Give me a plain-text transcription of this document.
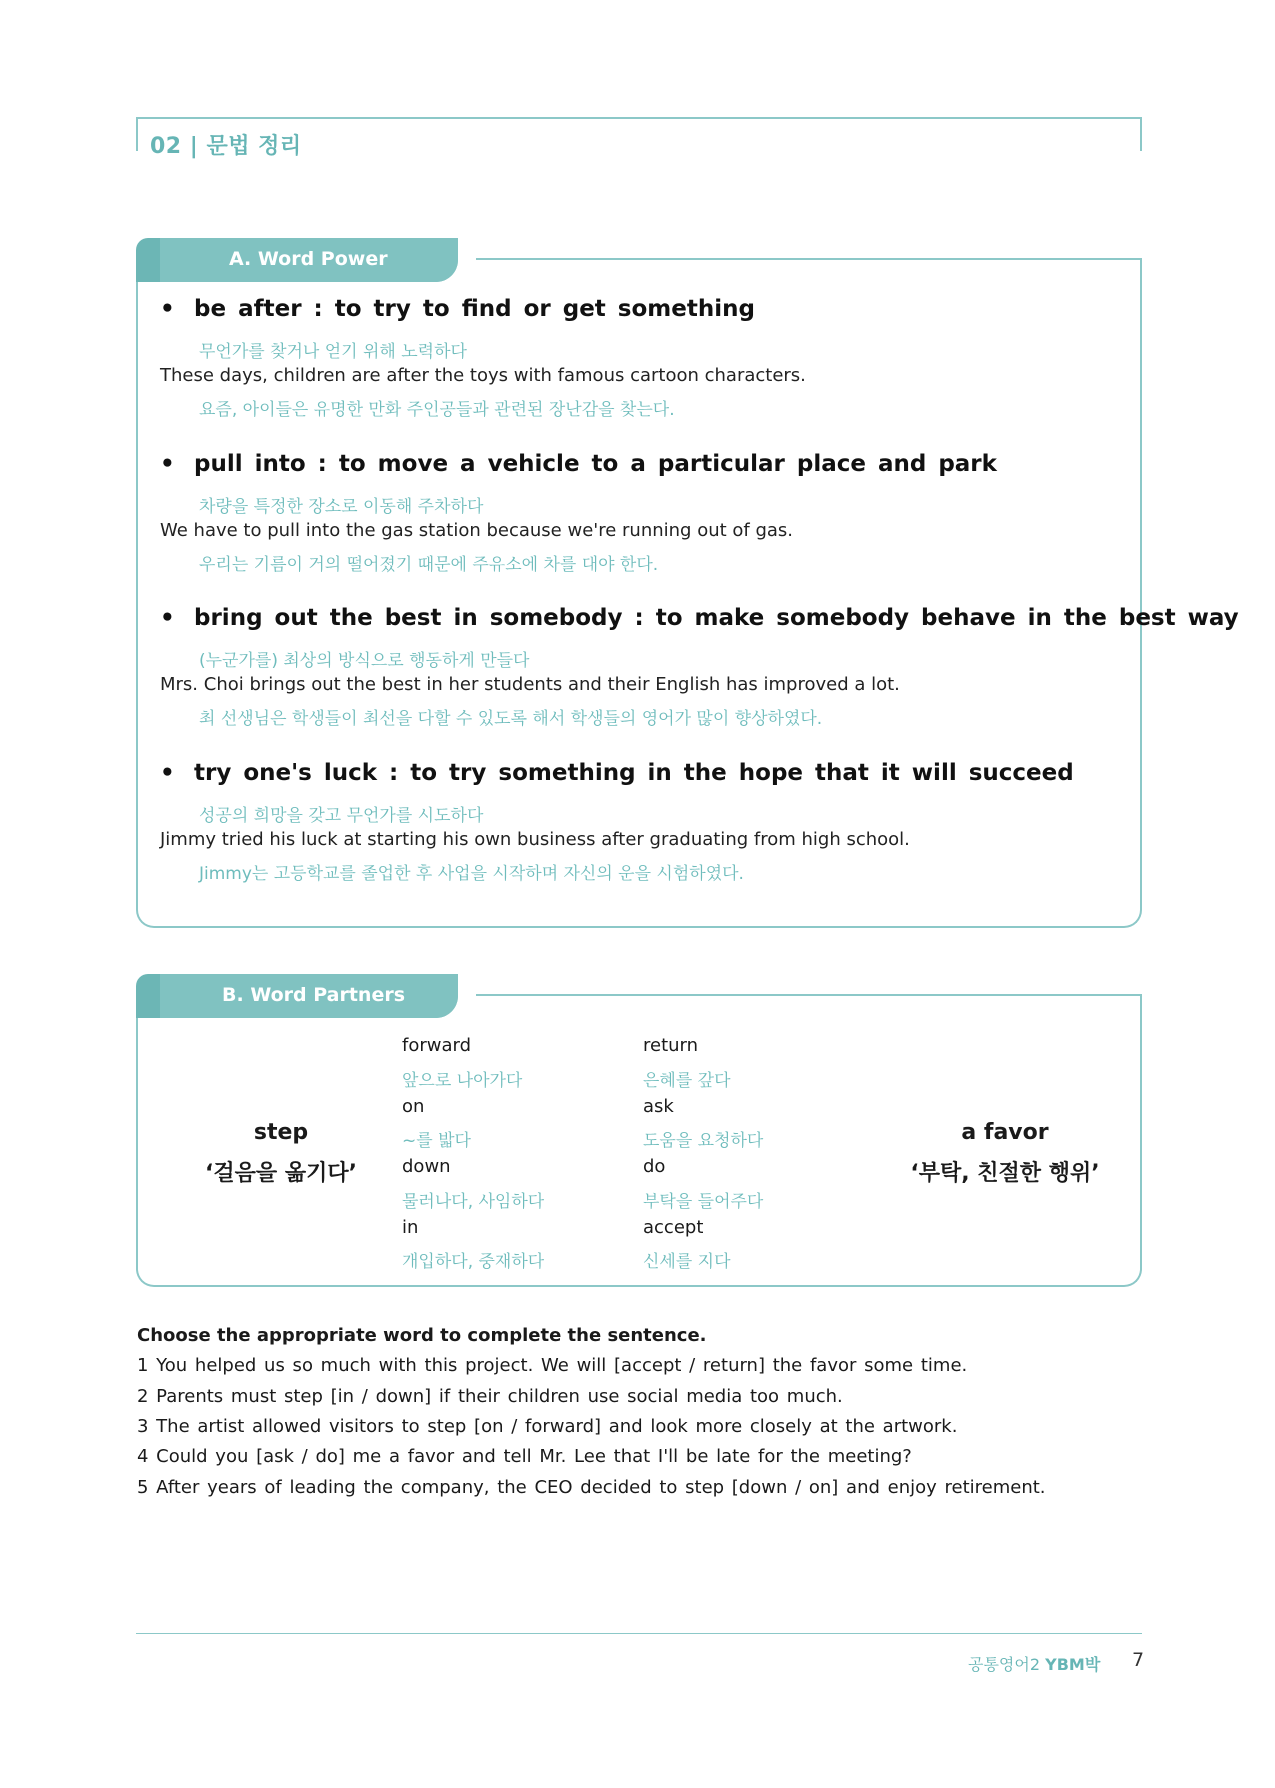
02 | 문법 정리
A. Word Power
• be after : to try to find or get something
무언가를 찾거나 얻기 위해 노력하다
These days, children are after the toys with famous cartoon characters.
요즘, 아이들은 유명한 만화 주인공들과 관련된 장난감을 찾는다.
• pull into : to move a vehicle to a particular place and park
차량을 특정한 장소로 이동해 주차하다
We have to pull into the gas station because we're running out of gas.
우리는 기름이 거의 떨어졌기 때문에 주유소에 차를 대야 한다.
• bring out the best in somebody : to make somebody behave in the best way
(누군가를) 최상의 방식으로 행동하게 만들다
Mrs. Choi brings out the best in her students and their English has improved a lot.
최 선생님은 학생들이 최선을 다할 수 있도록 해서 학생들의 영어가 많이 향상하였다.
• try one's luck : to try something in the hope that it will succeed
성공의 희망을 갖고 무언가를 시도하다
Jimmy tried his luck at starting his own business after graduating from high school.
Jimmy는 고등학교를 졸업한 후 사업을 시작하며 자신의 운을 시험하였다.
B. Word Partners
step
‘걸음을 옮기다’
forward
앞으로 나아가다
on
~를 밟다
down
물러나다, 사임하다
in
개입하다, 중재하다
return
은혜를 갚다
ask
도움을 요청하다
do
부탁을 들어주다
accept
신세를 지다
a favor
‘부탁, 친절한 행위’
Choose the appropriate word to complete the sentence.
1 You helped us so much with this project. We will [accept / return] the favor some time.
2 Parents must step [in / down] if their children use social media too much.
3 The artist allowed visitors to step [on / forward] and look more closely at the artwork.
4 Could you [ask / do] me a favor and tell Mr. Lee that I'll be late for the meeting?
5 After years of leading the company, the CEO decided to step [down / on] and enjoy retirement.
공통영어2 YBM박 7
